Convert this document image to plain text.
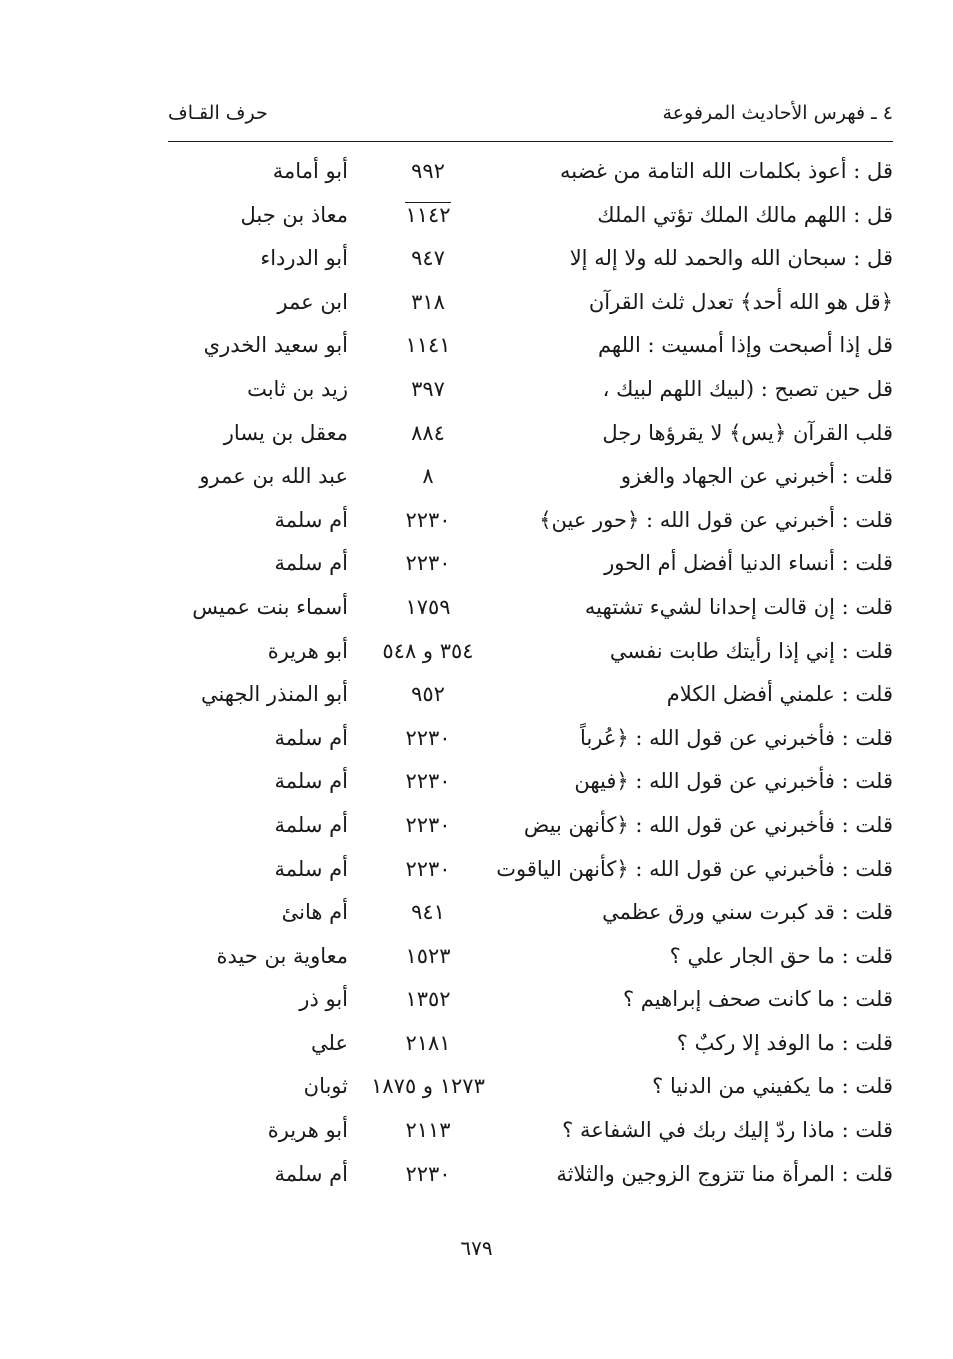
٤ ـ فهرس الأحاديث المرفوعة
حرف القـاف
قل : أعوذ بكلمات الله التامة من غضبه
٩٩٢
أبو أمامة
قل : اللهم مالك الملك تؤتي الملك
١١٤٢
معاذ بن جبل
قل : سبحان الله والحمد لله ولا إله إلا
٩٤٧
أبو الدرداء
﴿قل هو الله أحد﴾ تعدل ثلث القرآن
٣١٨
ابن عمر
قل إذا أصبحت وإذا أمسيت : اللهم
١١٤١
أبو سعيد الخدري
قل حين تصبح : (لبيك اللهم لبيك ،
٣٩٧
زيد بن ثابت
قلب القرآن ﴿يس﴾ لا يقرؤها رجل
٨٨٤
معقل بن يسار
قلت : أخبرني عن الجهاد والغزو
٨
عبد الله بن عمرو
قلت : أخبرني عن قول الله : ﴿حور عين﴾
٢٢٣٠
أم سلمة
قلت : أنساء الدنيا أفضل أم الحور
٢٢٣٠
أم سلمة
قلت : إن قالت إحدانا لشيء تشتهيه
١٧٥٩
أسماء بنت عميس
قلت : إني إذا رأيتك طابت نفسي
٣٥٤ و ٥٤٨
أبو هريرة
قلت : علمني أفضل الكلام
٩٥٢
أبو المنذر الجهني
قلت : فأخبرني عن قول الله : ﴿عُرباً
٢٢٣٠
أم سلمة
قلت : فأخبرني عن قول الله : ﴿فيهن
٢٢٣٠
أم سلمة
قلت : فأخبرني عن قول الله : ﴿كأنهن بيض
٢٢٣٠
أم سلمة
قلت : فأخبرني عن قول الله : ﴿كأنهن الياقوت
٢٢٣٠
أم سلمة
قلت : قد كبرت سني ورق عظمي
٩٤١
أم هانئ
قلت : ما حق الجار علي ؟
١٥٢٣
معاوية بن حيدة
قلت : ما كانت صحف إبراهيم ؟
١٣٥٢
أبو ذر
قلت : ما الوفد إلا ركبٌ ؟
٢١٨١
علي
قلت : ما يكفيني من الدنيا ؟
١٢٧٣ و ١٨٧٥
ثوبان
قلت : ماذا ردّ إليك ربك في الشفاعة ؟
٢١١٣
أبو هريرة
قلت : المرأة منا تتزوج الزوجين والثلاثة
٢٢٣٠
أم سلمة
٦٧٩
